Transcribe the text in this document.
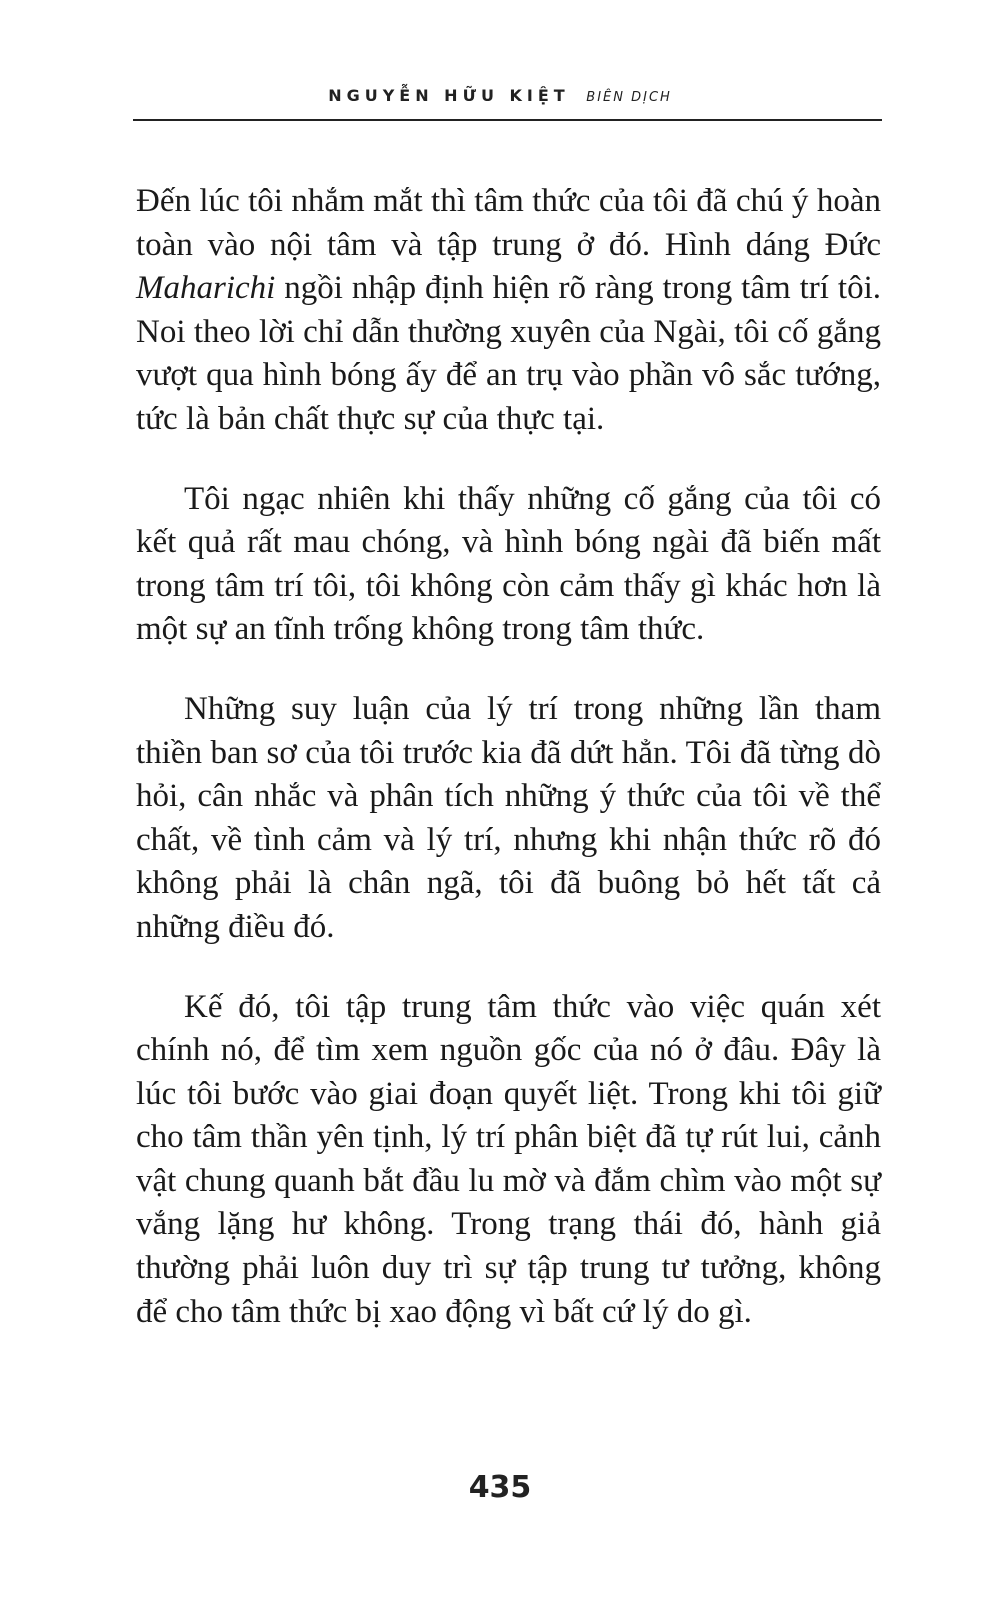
NGUYỄN HỮU KIỆT BIÊN DỊCH

Đến lúc tôi nhắm mắt thì tâm thức của tôi đã chú ý hoàn toàn vào nội tâm và tập trung ở đó. Hình dáng Đức Maharichi ngồi nhập định hiện rõ ràng trong tâm trí tôi. Noi theo lời chỉ dẫn thường xuyên của Ngài, tôi cố gắng vượt qua hình bóng ấy để an trụ vào phần vô sắc tướng, tức là bản chất thực sự của thực tại.

Tôi ngạc nhiên khi thấy những cố gắng của tôi có kết quả rất mau chóng, và hình bóng ngài đã biến mất trong tâm trí tôi, tôi không còn cảm thấy gì khác hơn là một sự an tĩnh trống không trong tâm thức.

Những suy luận của lý trí trong những lần tham thiền ban sơ của tôi trước kia đã dứt hẳn. Tôi đã từng dò hỏi, cân nhắc và phân tích những ý thức của tôi về thể chất, về tình cảm và lý trí, nhưng khi nhận thức rõ đó không phải là chân ngã, tôi đã buông bỏ hết tất cả những điều đó.

Kế đó, tôi tập trung tâm thức vào việc quán xét chính nó, để tìm xem nguồn gốc của nó ở đâu. Đây là lúc tôi bước vào giai đoạn quyết liệt. Trong khi tôi giữ cho tâm thần yên tịnh, lý trí phân biệt đã tự rút lui, cảnh vật chung quanh bắt đầu lu mờ và đắm chìm vào một sự vắng lặng hư không. Trong trạng thái đó, hành giả thường phải luôn duy trì sự tập trung tư tưởng, không để cho tâm thức bị xao động vì bất cứ lý do gì.

435
